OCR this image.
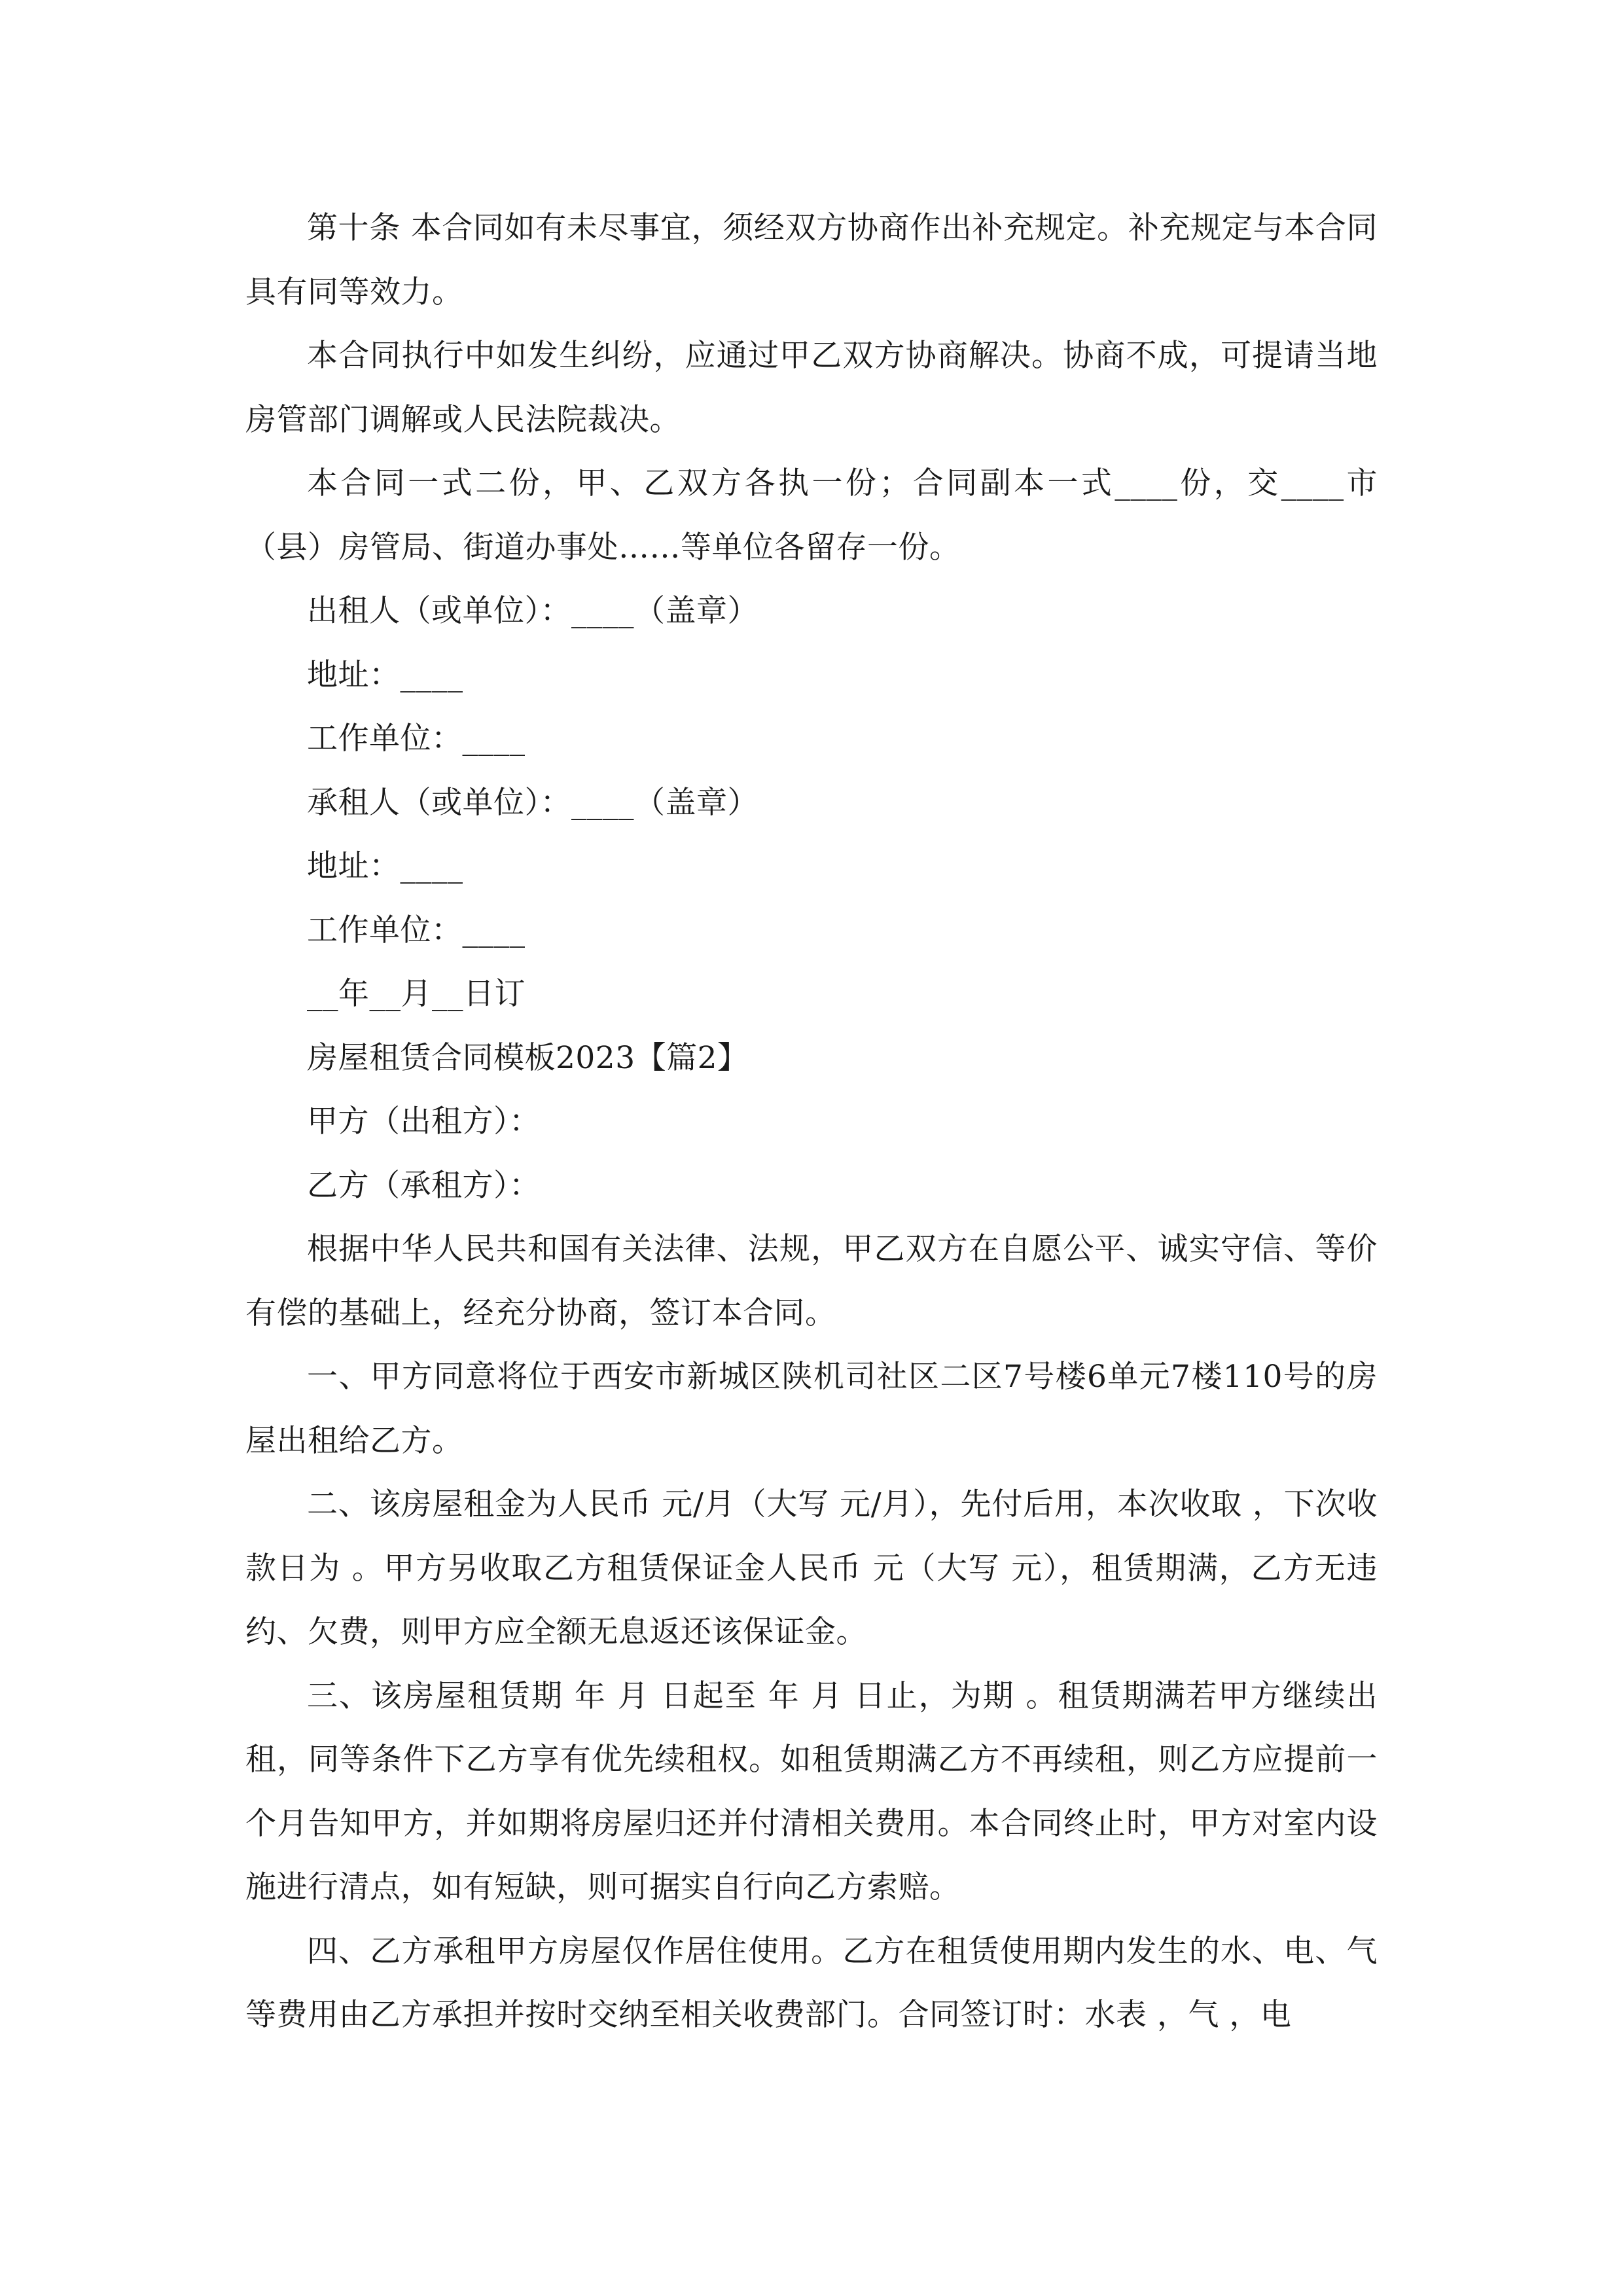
第十条 本合同如有未尽事宜，须经双方协商作出补充规定。补充规定与本合同具有同等效力。

本合同执行中如发生纠纷，应通过甲乙双方协商解决。协商不成，可提请当地房管部门调解或人民法院裁决。

本合同一式二份，甲、乙双方各执一份；合同副本一式____份，交____市（县）房管局、街道办事处……等单位各留存一份。

出租人（或单位）：____（盖章）

地址：____

工作单位：____

承租人（或单位）：____（盖章）

地址：____

工作单位：____

__年__月__日订

房屋租赁合同模板2023【篇2】

甲方（出租方）：

乙方（承租方）：

根据中华人民共和国有关法律、法规，甲乙双方在自愿公平、诚实守信、等价有偿的基础上，经充分协商，签订本合同。

一、甲方同意将位于西安市新城区陕机司社区二区7号楼6单元7楼110号的房屋出租给乙方。

二、该房屋租金为人民币 元/月（大写 元/月），先付后用，本次收取 ，下次收款日为 。甲方另收取乙方租赁保证金人民币 元（大写 元），租赁期满，乙方无违约、欠费，则甲方应全额无息返还该保证金。

三、该房屋租赁期 年 月 日起至 年 月 日止，为期 。租赁期满若甲方继续出租，同等条件下乙方享有优先续租权。如租赁期满乙方不再续租，则乙方应提前一个月告知甲方，并如期将房屋归还并付清相关费用。本合同终止时，甲方对室内设施进行清点，如有短缺，则可据实自行向乙方索赔。

四、乙方承租甲方房屋仅作居住使用。乙方在租赁使用期内发生的水、电、气等费用由乙方承担并按时交纳至相关收费部门。合同签订时：水表 ，气 ，电
